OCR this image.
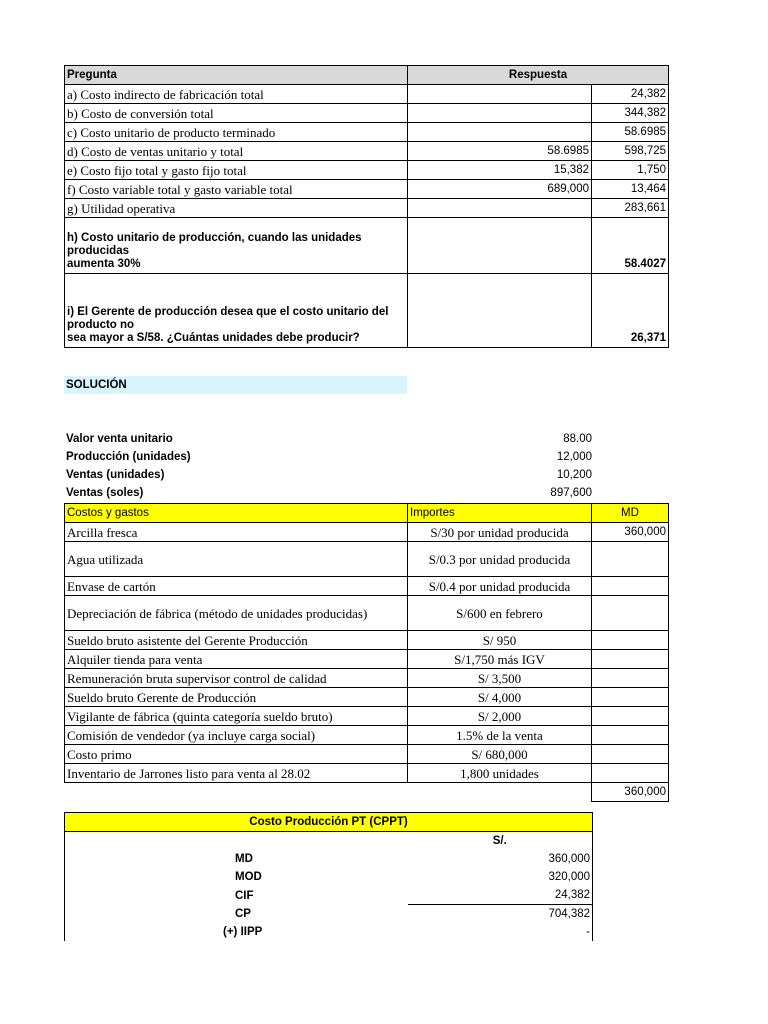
Pregunta	Respuesta	
a) Costo indirecto de fabricación total		24,382
b) Costo de conversión total		344,382
c) Costo unitario de producto terminado		58.6985
d) Costo de ventas unitario y total	58.6985	598,725
e) Costo fijo total y gasto fijo total	15,382	1,750
f) Costo variable total y gasto variable total	689,000	13,464
g) Utilidad operativa		283,661

h) Costo unitario de producción, cuando las unidades producidas
aumenta 30%		58.4027

i) El Gerente de producción desea que el costo unitario del producto no
sea mayor a S/58. ¿Cuántas unidades debe producir?		26,371
SOLUCIÓN
Valor venta unitario	88.00
Producción (unidades)	12,000
Ventas (unidades)	10,200
Ventas (soles)	897,600
Costos y gastos	Importes	MD
Arcilla fresca	S/30 por unidad producida	360,000
Agua utilizada	S/0.3 por unidad producida	
Envase de cartón	S/0.4 por unidad producida	
Depreciación de fábrica (método de unidades producidas)	S/600 en febrero	
Sueldo bruto asistente del Gerente Producción	S/ 950	
Alquiler tienda para venta	S/1,750 más IGV	
Remuneración bruta supervisor control de calidad	S/ 3,500	
Sueldo bruto Gerente de Producción	S/ 4,000	
Vigilante de fábrica (quinta categoría sueldo bruto)	S/ 2,000	
Comisión de vendedor (ya incluye carga social)	1.5% de la venta	
Costo primo	S/ 680,000	
Inventario de Jarrones listo para venta al 28.02	1,800 unidades	
		360,000
Costo Producción PT (CPPT)	
	S/.
MD	360,000
MOD	320,000
CIF	24,382
CP	704,382
(+) IIPP	-
